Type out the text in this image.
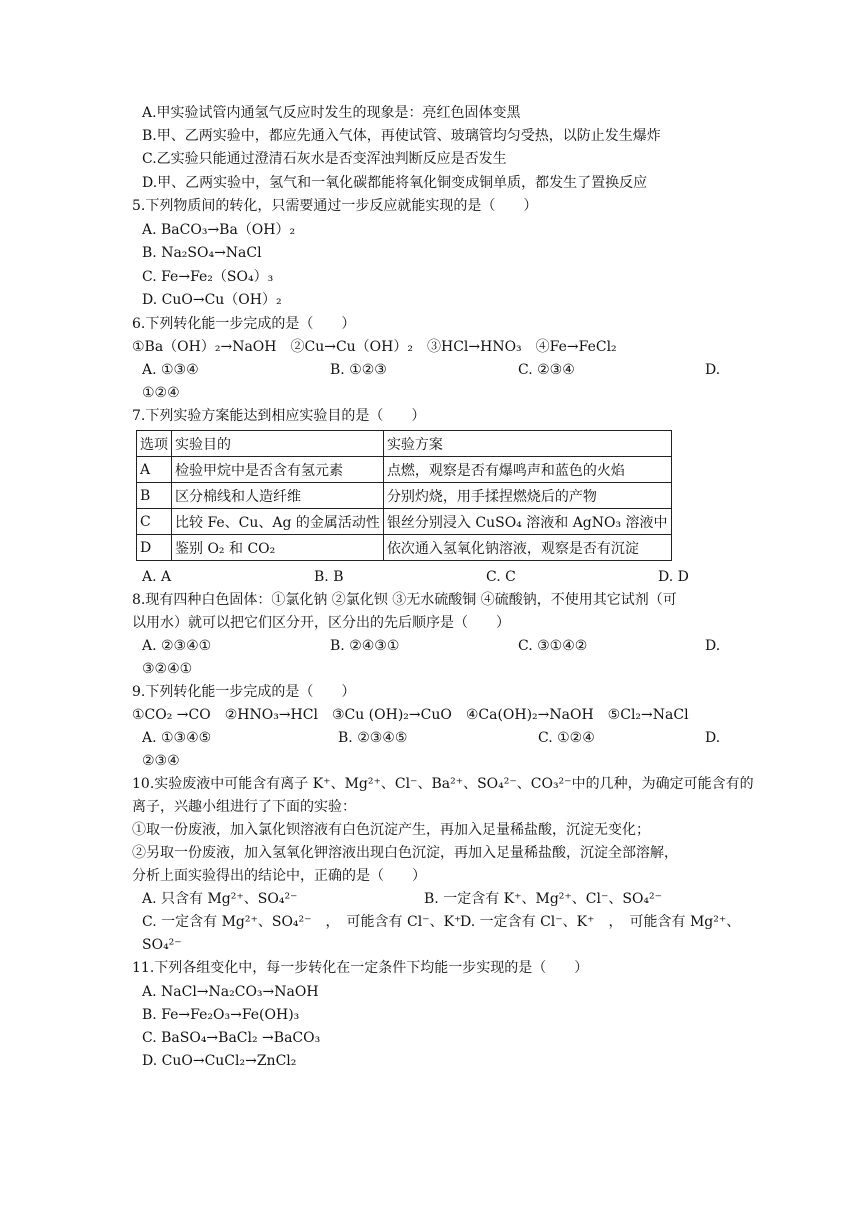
A.甲实验试管内通氢气反应时发生的现象是：亮红色固体变黑
B.甲、乙两实验中，都应先通入气体，再使试管、玻璃管均匀受热，以防止发生爆炸
C.乙实验只能通过澄清石灰水是否变浑浊判断反应是否发生
D.甲、乙两实验中，氢气和一氧化碳都能将氧化铜变成铜单质，都发生了置换反应
5.下列物质间的转化，只需要通过一步反应就能实现的是（　　）
A. BaCO₃→Ba（OH）₂
B. Na₂SO₄→NaCl
C. Fe→Fe₂（SO₄）₃
D. CuO→Cu（OH）₂
6.下列转化能一步完成的是（　　）
①Ba（OH）₂→NaOH　②Cu→Cu（OH）₂　③HCl→HNO₃　④Fe→FeCl₂
A. ①③④	B. ①②③	C. ②③④	D.
①②④
7.下列实验方案能达到相应实验目的是（　　）
选项	实验目的	实验方案
A	检验甲烷中是否含有氢元素	点燃，观察是否有爆鸣声和蓝色的火焰
B	区分棉线和人造纤维	分别灼烧，用手揉捏燃烧后的产物
C	比较 Fe、Cu、Ag 的金属活动性	银丝分别浸入 CuSO₄ 溶液和 AgNO₃ 溶液中
D	鉴别 O₂ 和 CO₂	依次通入氢氧化钠溶液，观察是否有沉淀
A. A	B. B	C. C	D. D
8.现有四种白色固体：①氯化钠 ②氯化钡 ③无水硫酸铜 ④硫酸钠，不使用其它试剂（可
以用水）就可以把它们区分开，区分出的先后顺序是（　　）
A. ②③④①	B. ②④③①	C. ③①④②	D.
③②④①
9.下列转化能一步完成的是（　　）
①CO₂ →CO　②HNO₃→HCl　③Cu (OH)₂→CuO　④Ca(OH)₂→NaOH　⑤Cl₂→NaCl
A. ①③④⑤	B. ②③④⑤	C. ①②④	D.
②③④
10.实验废液中可能含有离子 K⁺、Mg²⁺、Cl⁻、Ba²⁺、SO₄²⁻、CO₃²⁻中的几种，为确定可能含有的
离子，兴趣小组进行了下面的实验：
①取一份废液，加入氯化钡溶液有白色沉淀产生，再加入足量稀盐酸，沉淀无变化；
②另取一份废液，加入氢氧化钾溶液出现白色沉淀，再加入足量稀盐酸，沉淀全部溶解，
分析上面实验得出的结论中，正确的是（　　）
A. 只含有 Mg²⁺、SO₄²⁻	B. 一定含有 K⁺、Mg²⁺、Cl⁻、SO₄²⁻
C. 一定含有 Mg²⁺、SO₄²⁻　，　可能含有 Cl⁻、K⁺
D. 一定含有 Cl⁻、K⁺　，　可能含有 Mg²⁺、
SO₄²⁻
11.下列各组变化中，每一步转化在一定条件下均能一步实现的是（　　）
A. NaCl→Na₂CO₃→NaOH
B. Fe→Fe₂O₃→Fe(OH)₃
C. BaSO₄→BaCl₂ →BaCO₃
D. CuO→CuCl₂→ZnCl₂
